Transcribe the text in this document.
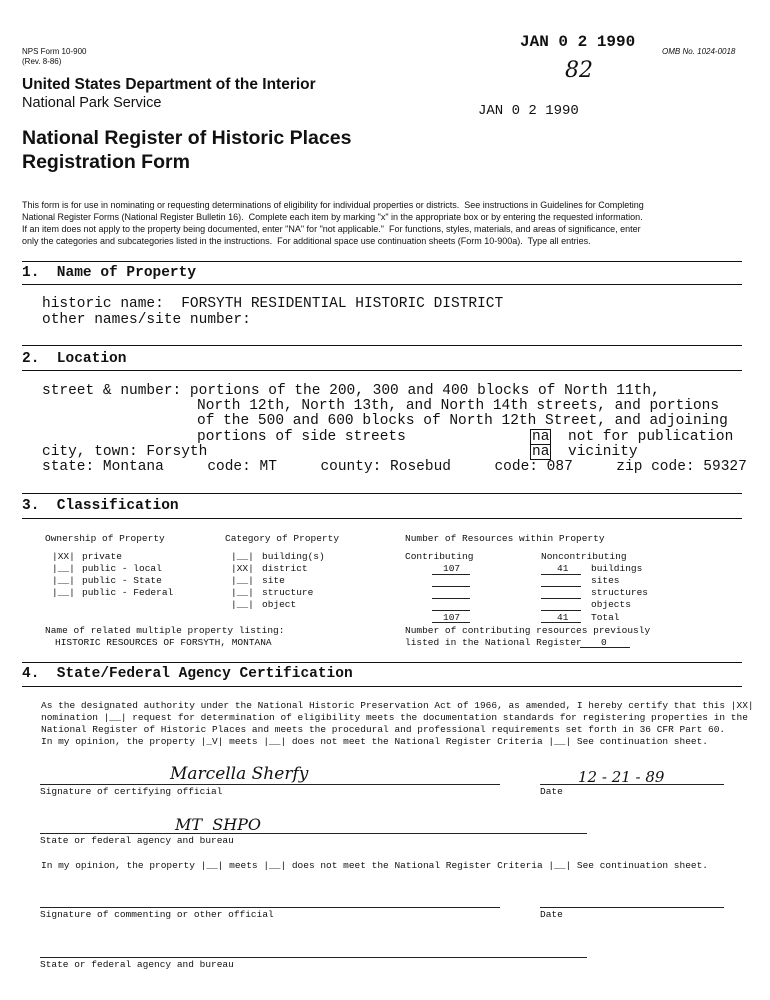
NPS Form 10-900
(Rev. 8-86)
OMB No. 1024-0018
JAN 0 2 1990
82
JAN 0 2 1990
United States Department of the Interior
National Park Service
National Register of Historic Places
Registration Form
This form is for use in nominating or requesting determinations of eligibility for individual properties or districts.  See instructions in Guidelines for Completing
National Register Forms (National Register Bulletin 16).  Complete each item by marking "x" in the appropriate box or by entering the requested information.
If an item does not apply to the property being documented, enter "NA" for "not applicable."  For functions, styles, materials, and areas of significance, enter
only the categories and subcategories listed in the instructions.  For additional space use continuation sheets (Form 10-900a).  Type all entries.
1.  Name of Property
historic name:  FORSYTH RESIDENTIAL HISTORIC DISTRICT
other names/site number:
2.  Location
street & number: portions of the 200, 300 and 400 blocks of North 11th,
North 12th, North 13th, and North 14th streets, and portions
of the 500 and 600 blocks of North 12th Street, and adjoining
portions of side streets	na not for publication
city, town: Forsyth	na vicinity
state: Montana     code: MT     county: Rosebud     code: 087     zip code: 59327
3.  Classification
Ownership of Property
|XX| private
|__| public - local
|__| public - State
|__| public - Federal
Category of Property
|__| building(s)
|XX| district
|__| site
|__| structure
|__| object
Number of Resources within Property
Contributing	Noncontributing
107	41 buildings
sites
structures
objects
107	41 Total
Name of related multiple property listing:
HISTORIC RESOURCES OF FORSYTH, MONTANA
Number of contributing resources previously
listed in the National Register 0
4.  State/Federal Agency Certification
As the designated authority under the National Historic Preservation Act of 1966, as amended, I hereby certify that this |XX|
nomination |__| request for determination of eligibility meets the documentation standards for registering properties in the
National Register of Historic Places and meets the procedural and professional requirements set forth in 36 CFR Part 60.
In my opinion, the property |_V| meets |__| does not meet the National Register Criteria |__| See continuation sheet.
Marcella Sherfy
Signature of certifying official
12 - 21 - 89
Date
MT  SHPO
State or federal agency and bureau
In my opinion, the property |__| meets |__| does not meet the National Register Criteria |__| See continuation sheet.
Signature of commenting or other official	Date
State or federal agency and bureau
